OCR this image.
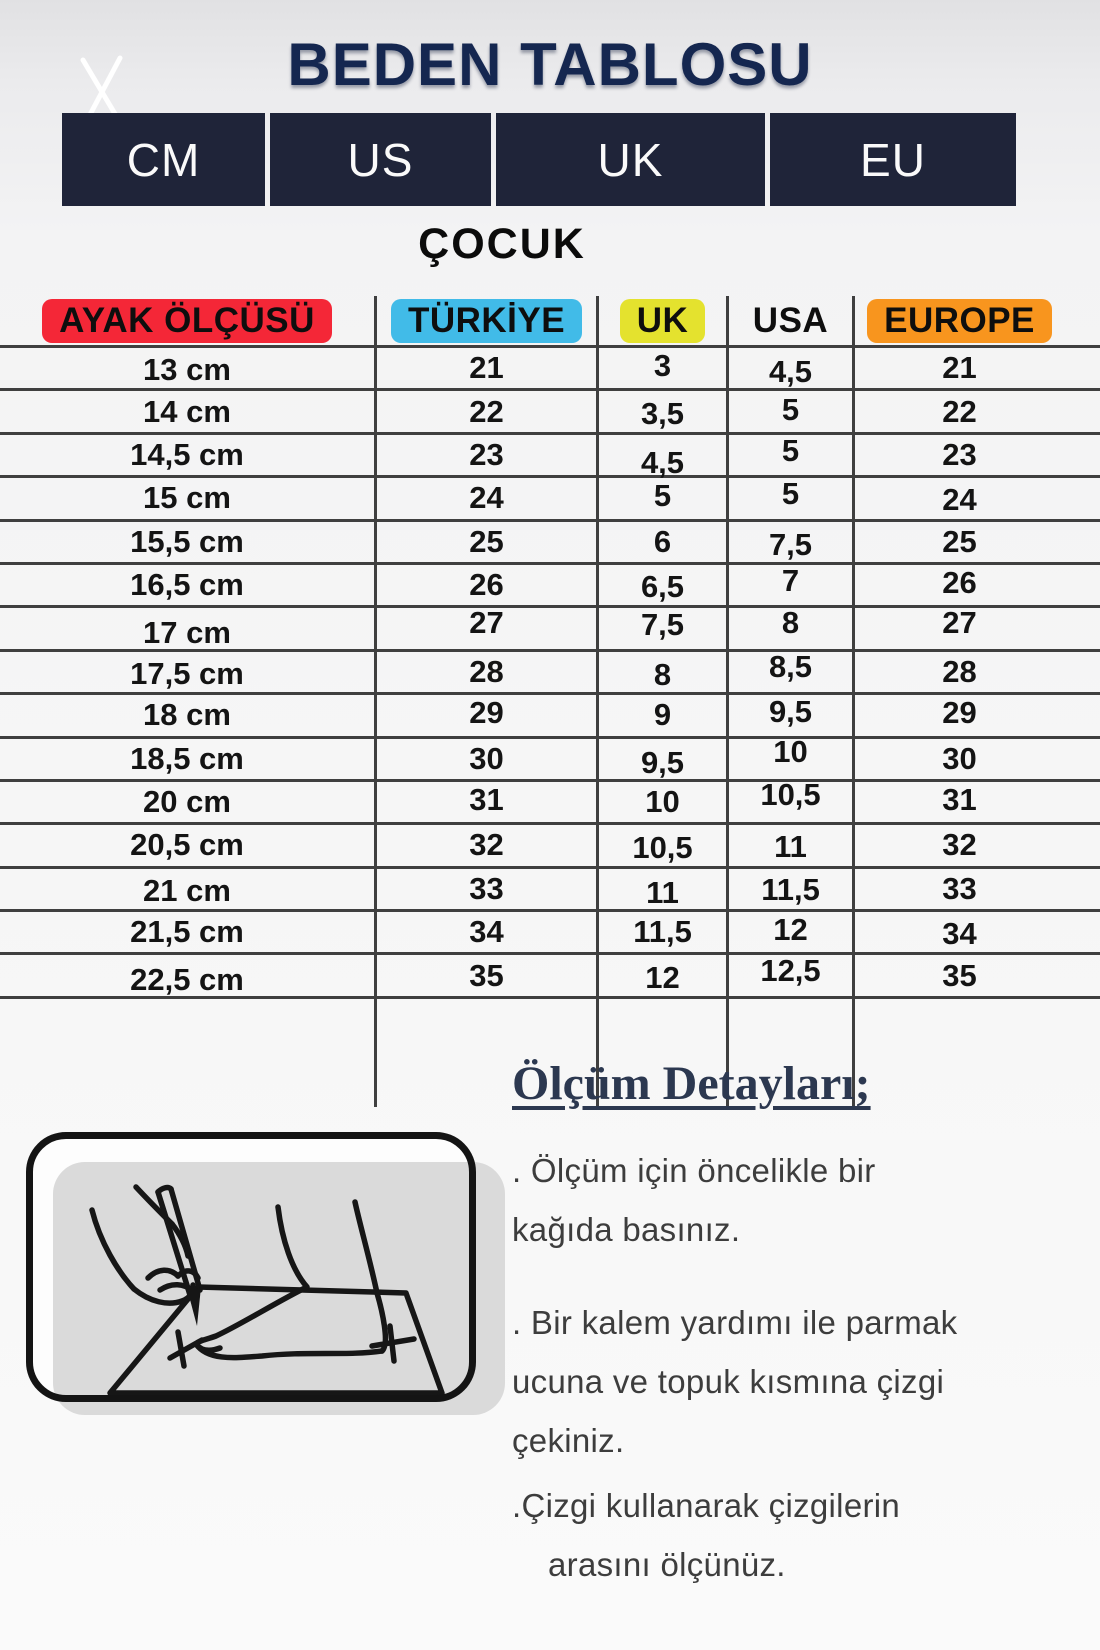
BEDEN TABLOSU
CM	US	UK	EU
ÇOCUK
AYAK ÖLÇÜSÜ	TÜRKİYE	UK	USA	EUROPE
13 cm	21	3	4,5	21
14 cm	22	3,5	5	22
14,5 cm	23	4,5	5	23
15 cm	24	5	5	24
15,5 cm	25	6	7,5	25
16,5 cm	26	6,5	7	26
17 cm	27	7,5	8	27
17,5 cm	28	8	8,5	28
18 cm	29	9	9,5	29
18,5 cm	30	9,5	10	30
20 cm	31	10	10,5	31
20,5 cm	32	10,5	11	32
21 cm	33	11	11,5	33
21,5 cm	34	11,5	12	34
22,5 cm	35	12	12,5	35
Ölçüm Detayları;

. Ölçüm için öncelikle bir
kağıda basınız.

. Bir kalem yardımı ile parmak
ucuna ve topuk kısmına çizgi
çekiniz.

.Çizgi kullanarak çizgilerin
arasını ölçünüz.
